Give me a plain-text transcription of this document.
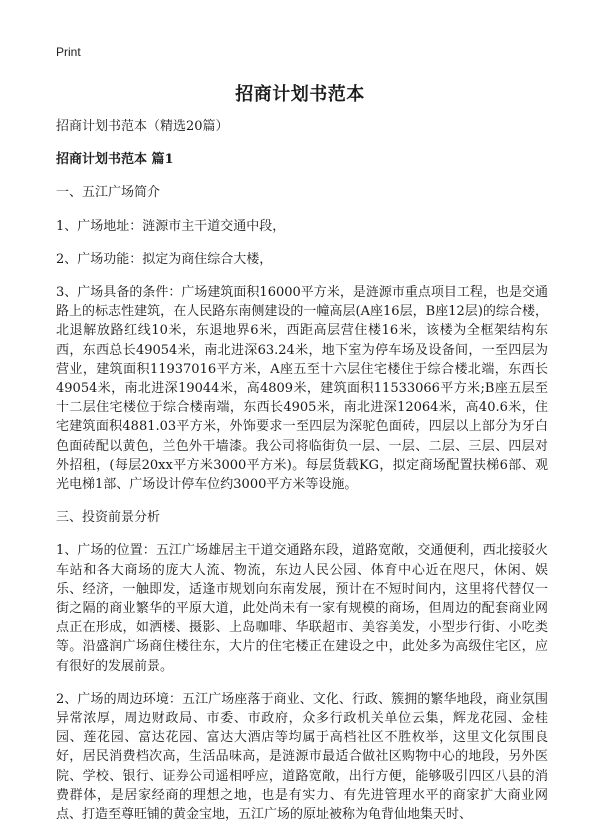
Print
招商计划书范本

招商计划书范本（精选20篇）

招商计划书范本 篇1

一、五江广场简介

1、广场地址：涟源市主干道交通中段，

2、广场功能：拟定为商住综合大楼，

3、广场具备的条件：广场建筑面积16000平方米，是涟源市重点项目工程，也是交通路上的标志性建筑，在人民路东南侧建设的一幢高层(A座16层，B座12层)的综合楼，北退解放路红线10米，东退地界6米，西距高层营住楼16米，该楼为全框架结构东西，东西总长49054米，南北进深63.24米，地下室为停车场及设备间，一至四层为营业，建筑面积11937016平方米，A座五至十六层住宅楼住于综合楼北端，东西长49054米，南北进深19044米，高4809米，建筑面积11533066平方米;B座五层至十二层住宅楼位于综合楼南端，东西长4905米，南北进深12064米，高40.6米，住宅建筑面积4881.03平方米，外饰要求一至四层为深驼色面砖，四层以上部分为牙白色面砖配以黄色，兰色外干墙漆。我公司将临街负一层、一层、二层、三层、四层对外招租，(每层20xx平方米3000平方米)。每层货载KG，拟定商场配置扶梯6部、观光电梯1部、广场设计停车位约3000平方米等设施。

三、投资前景分析

1、广场的位置：五江广场雄居主干道交通路东段，道路宽敞，交通便利，西北接驳火车站和各大商场的庞大人流、物流，东边人民公园、体育中心近在咫尺，休闲、娱乐、经济，一触即发，适逢市规划向东南发展，预计在不短时间内，这里将代替仅一街之隔的商业繁华的平原大道，此处尚未有一家有规模的商场，但周边的配套商业网点正在形成，如洒楼、摄影、上岛咖啡、华联超市、美容美发，小型步行街、小吃类等。沿盛润广场商住楼往东，大片的住宅楼正在建设之中，此处多为高级住宅区，应有很好的发展前景。

2、广场的周边环境：五江广场座落于商业、文化、行政、簇拥的繁华地段，商业氛围异常浓厚，周边财政局、市委、市政府，众多行政机关单位云集，辉龙花园、金桂园、莲花园、富达花园、富达大酒店等均属于高档社区不胜枚举，这里文化氛围良好，居民消费档次高，生活品味高，是涟源市最适合做社区购物中心的地段，另外医院、学校、银行、证券公司遥相呼应，道路宽敞，出行方便，能够吸引四区八县的消费群体，是居家经商的理想之地，也是有实力、有先进管理水平的商家扩大商业网点、打造至尊旺铺的黄金宝地，五江广场的原址被称为龟背仙地集天时、
